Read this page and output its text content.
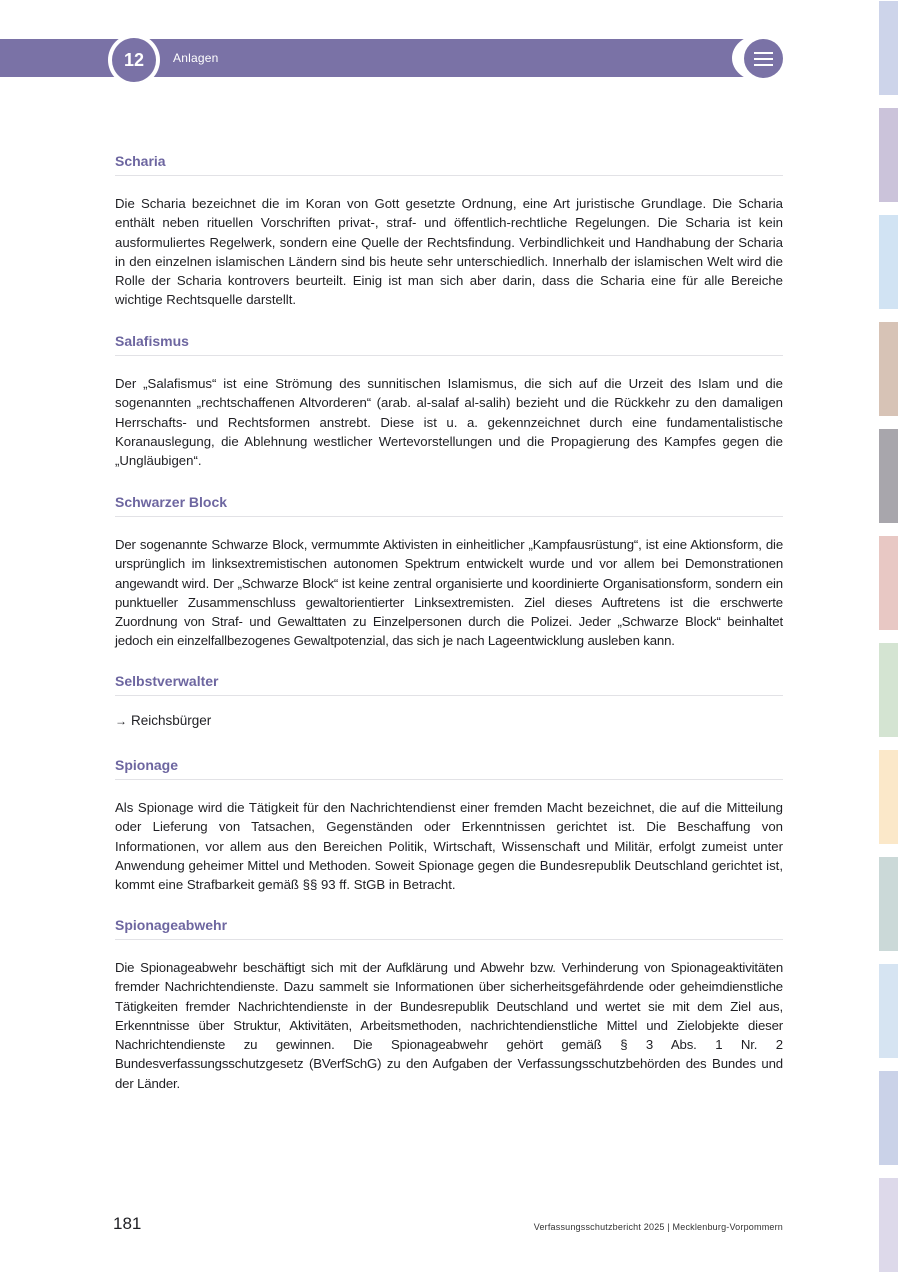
12	Anlagen
Scharia

Die Scharia bezeichnet die im Koran von Gott gesetzte Ordnung, eine Art juristische Grundlage. Die Scharia enthält neben rituellen Vorschriften privat-, straf- und öffentlich-rechtliche Regelungen. Die Scharia ist kein ausformuliertes Regelwerk, sondern eine Quelle der Rechtsfindung. Verbindlichkeit und Handhabung der Scharia in den einzelnen islamischen Ländern sind bis heute sehr unterschiedlich. Innerhalb der islamischen Welt wird die Rolle der Scharia kontrovers beurteilt. Einig ist man sich aber darin, dass die Scharia eine für alle Bereiche wichtige Rechtsquelle darstellt.

Salafismus

Der „Salafismus“ ist eine Strömung des sunnitischen Islamismus, die sich auf die Urzeit des Islam und die sogenannten „rechtschaffenen Altvorderen“ (arab. al-salaf al-salih) bezieht und die Rückkehr zu den damaligen Herrschafts- und Rechtsformen anstrebt. Diese ist u. a. gekennzeichnet durch eine fundamentalistische Koranauslegung, die Ablehnung westlicher Wertevorstellungen und die Propagierung des Kampfes gegen die „Ungläubigen“.

Schwarzer Block

Der sogenannte Schwarze Block, vermummte Aktivisten in einheitlicher „Kampfausrüstung“, ist eine Aktionsform, die ursprünglich im linksextremistischen autonomen Spektrum entwickelt wurde und vor allem bei Demonstrationen angewandt wird. Der „Schwarze Block“ ist keine zentral organisierte und koordinierte Organisationsform, sondern ein punktueller Zusammenschluss gewaltorientierter Linksextremisten. Ziel dieses Auftretens ist die erschwerte Zuordnung von Straf- und Gewalttaten zu Einzelpersonen durch die Polizei. Jeder „Schwarze Block“ beinhaltet jedoch ein einzelfallbezogenes Gewaltpotenzial, das sich je nach Lageentwicklung ausleben kann.

Selbstverwalter

→ Reichsbürger

Spionage

Als Spionage wird die Tätigkeit für den Nachrichtendienst einer fremden Macht bezeichnet, die auf die Mitteilung oder Lieferung von Tatsachen, Gegenständen oder Erkenntnissen gerichtet ist. Die Beschaffung von Informationen, vor allem aus den Bereichen Politik, Wirtschaft, Wissenschaft und Militär, erfolgt zumeist unter Anwendung geheimer Mittel und Methoden. Soweit Spionage gegen die Bundesrepublik Deutschland gerichtet ist, kommt eine Strafbarkeit gemäß §§ 93 ff. StGB in Betracht.

Spionageabwehr

Die Spionageabwehr beschäftigt sich mit der Aufklärung und Abwehr bzw. Verhinderung von Spionageaktivitäten fremder Nachrichtendienste. Dazu sammelt sie Informationen über sicherheitsgefährdende oder geheimdienstliche Tätigkeiten fremder Nachrichtendienste in der Bundesrepublik Deutschland und wertet sie mit dem Ziel aus, Erkenntnisse über Struktur, Aktivitäten, Arbeitsmethoden, nachrichtendienstliche Mittel und Zielobjekte dieser Nachrichtendienste zu gewinnen. Die Spionageabwehr gehört gemäß § 3 Abs. 1 Nr. 2 Bundesverfassungsschutzgesetz (BVerfSchG) zu den Aufgaben der Verfassungsschutzbehörden des Bundes und der Länder.

181	Verfassungsschutzbericht 2025 | Mecklenburg-Vorpommern
